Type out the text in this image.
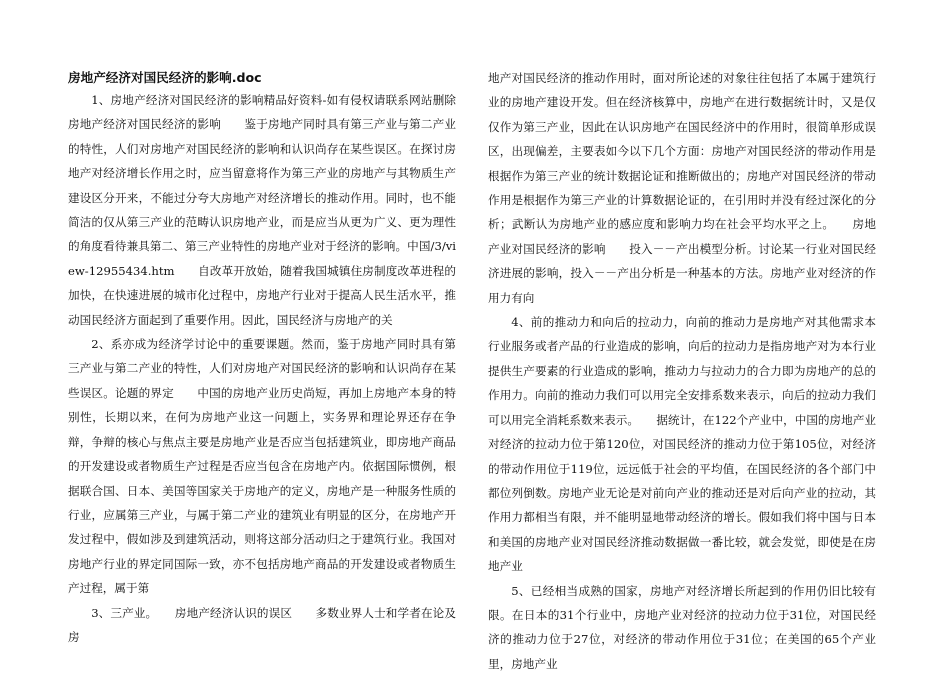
房地产经济对国民经济的影响.doc

1、房地产经济对国民经济的影响精品好资料-如有侵权请联系网站删除房地产经济对国民经济的影响　　鉴于房地产同时具有第三产业与第二产业的特性，人们对房地产对国民经济的影响和认识尚存在某些误区。在探讨房地产对经济增长作用之时，应当留意将作为第三产业的房地产与其物质生产建设区分开来，不能过分夸大房地产对经济增长的推动作用。同时，也不能简洁的仅从第三产业的范畴认识房地产业，而是应当从更为广义、更为理性的角度看待兼具第二、第三产业特性的房地产业对于经济的影响。中国/3/view-12955434.htm　　自改革开放始，随着我国城镇住房制度改革进程的加快，在快速进展的城市化过程中，房地产行业对于提高人民生活水平，推动国民经济方面起到了重要作用。因此，国民经济与房地产的关

2、系亦成为经济学讨论中的重要课题。然而，鉴于房地产同时具有第三产业与第二产业的特性，人们对房地产对国民经济的影响和认识尚存在某些误区。论题的界定　　中国的房地产业历史尚短，再加上房地产本身的特别性，长期以来，在何为房地产业这一问题上，实务界和理论界还存在争辩，争辩的核心与焦点主要是房地产业是否应当包括建筑业，即房地产商品的开发建设或者物质生产过程是否应当包含在房地产内。依据国际惯例，根据联合国、日本、美国等国家关于房地产的定义，房地产是一种服务性质的行业，应属第三产业，与属于第二产业的建筑业有明显的区分，在房地产开发过程中，假如涉及到建筑活动，则将这部分活动归之于建筑行业。我国对房地产行业的界定同国际一致，亦不包括房地产商品的开发建设或者物质生产过程，属于第

3、三产业。　　房地产经济认识的误区　　多数业界人士和学者在论及房

地产对国民经济的推动作用时，面对所论述的对象往往包括了本属于建筑行业的房地产建设开发。但在经济核算中，房地产在进行数据统计时，又是仅仅作为第三产业，因此在认识房地产在国民经济中的作用时，很简单形成误区，出现偏差，主要表如今以下几个方面：房地产对国民经济的带动作用是根据作为第三产业的统计数据论证和推断做出的；房地产对国民经济的带动作用是根据作为第三产业的计算数据论证的，在引用时并没有经过深化的分析；武断认为房地产业的感应度和影响力均在社会平均水平之上。　　房地产业对国民经济的影响　　投入－－产出模型分析。讨论某一行业对国民经济进展的影响，投入－－产出分析是一种基本的方法。房地产业对经济的作用力有向

4、前的推动力和向后的拉动力，向前的推动力是房地产对其他需求本行业服务或者产品的行业造成的影响，向后的拉动力是指房地产对为本行业提供生产要素的行业造成的影响，推动力与拉动力的合力即为房地产的总的作用力。向前的推动力我们可以用完全安排系数来表示，向后的拉动力我们可以用完全消耗系数来表示。　　据统计，在122个产业中，中国的房地产业对经济的拉动力位于第120位，对国民经济的推动力位于第105位，对经济的带动作用位于119位，远远低于社会的平均值，在国民经济的各个部门中都位列倒数。房地产业无论是对前向产业的推动还是对后向产业的拉动，其作用力都相当有限，并不能明显地带动经济的增长。假如我们将中国与日本和美国的房地产业对国民经济推动数据做一番比较，就会发觉，即使是在房地产业

5、已经相当成熟的国家，房地产对经济增长所起到的作用仍旧比较有限。在日本的31个行业中，房地产业对经济的拉动力位于31位，对国民经济的推动力位于27位，对经济的带动作用位于31位；在美国的65个产业里，房地产业
